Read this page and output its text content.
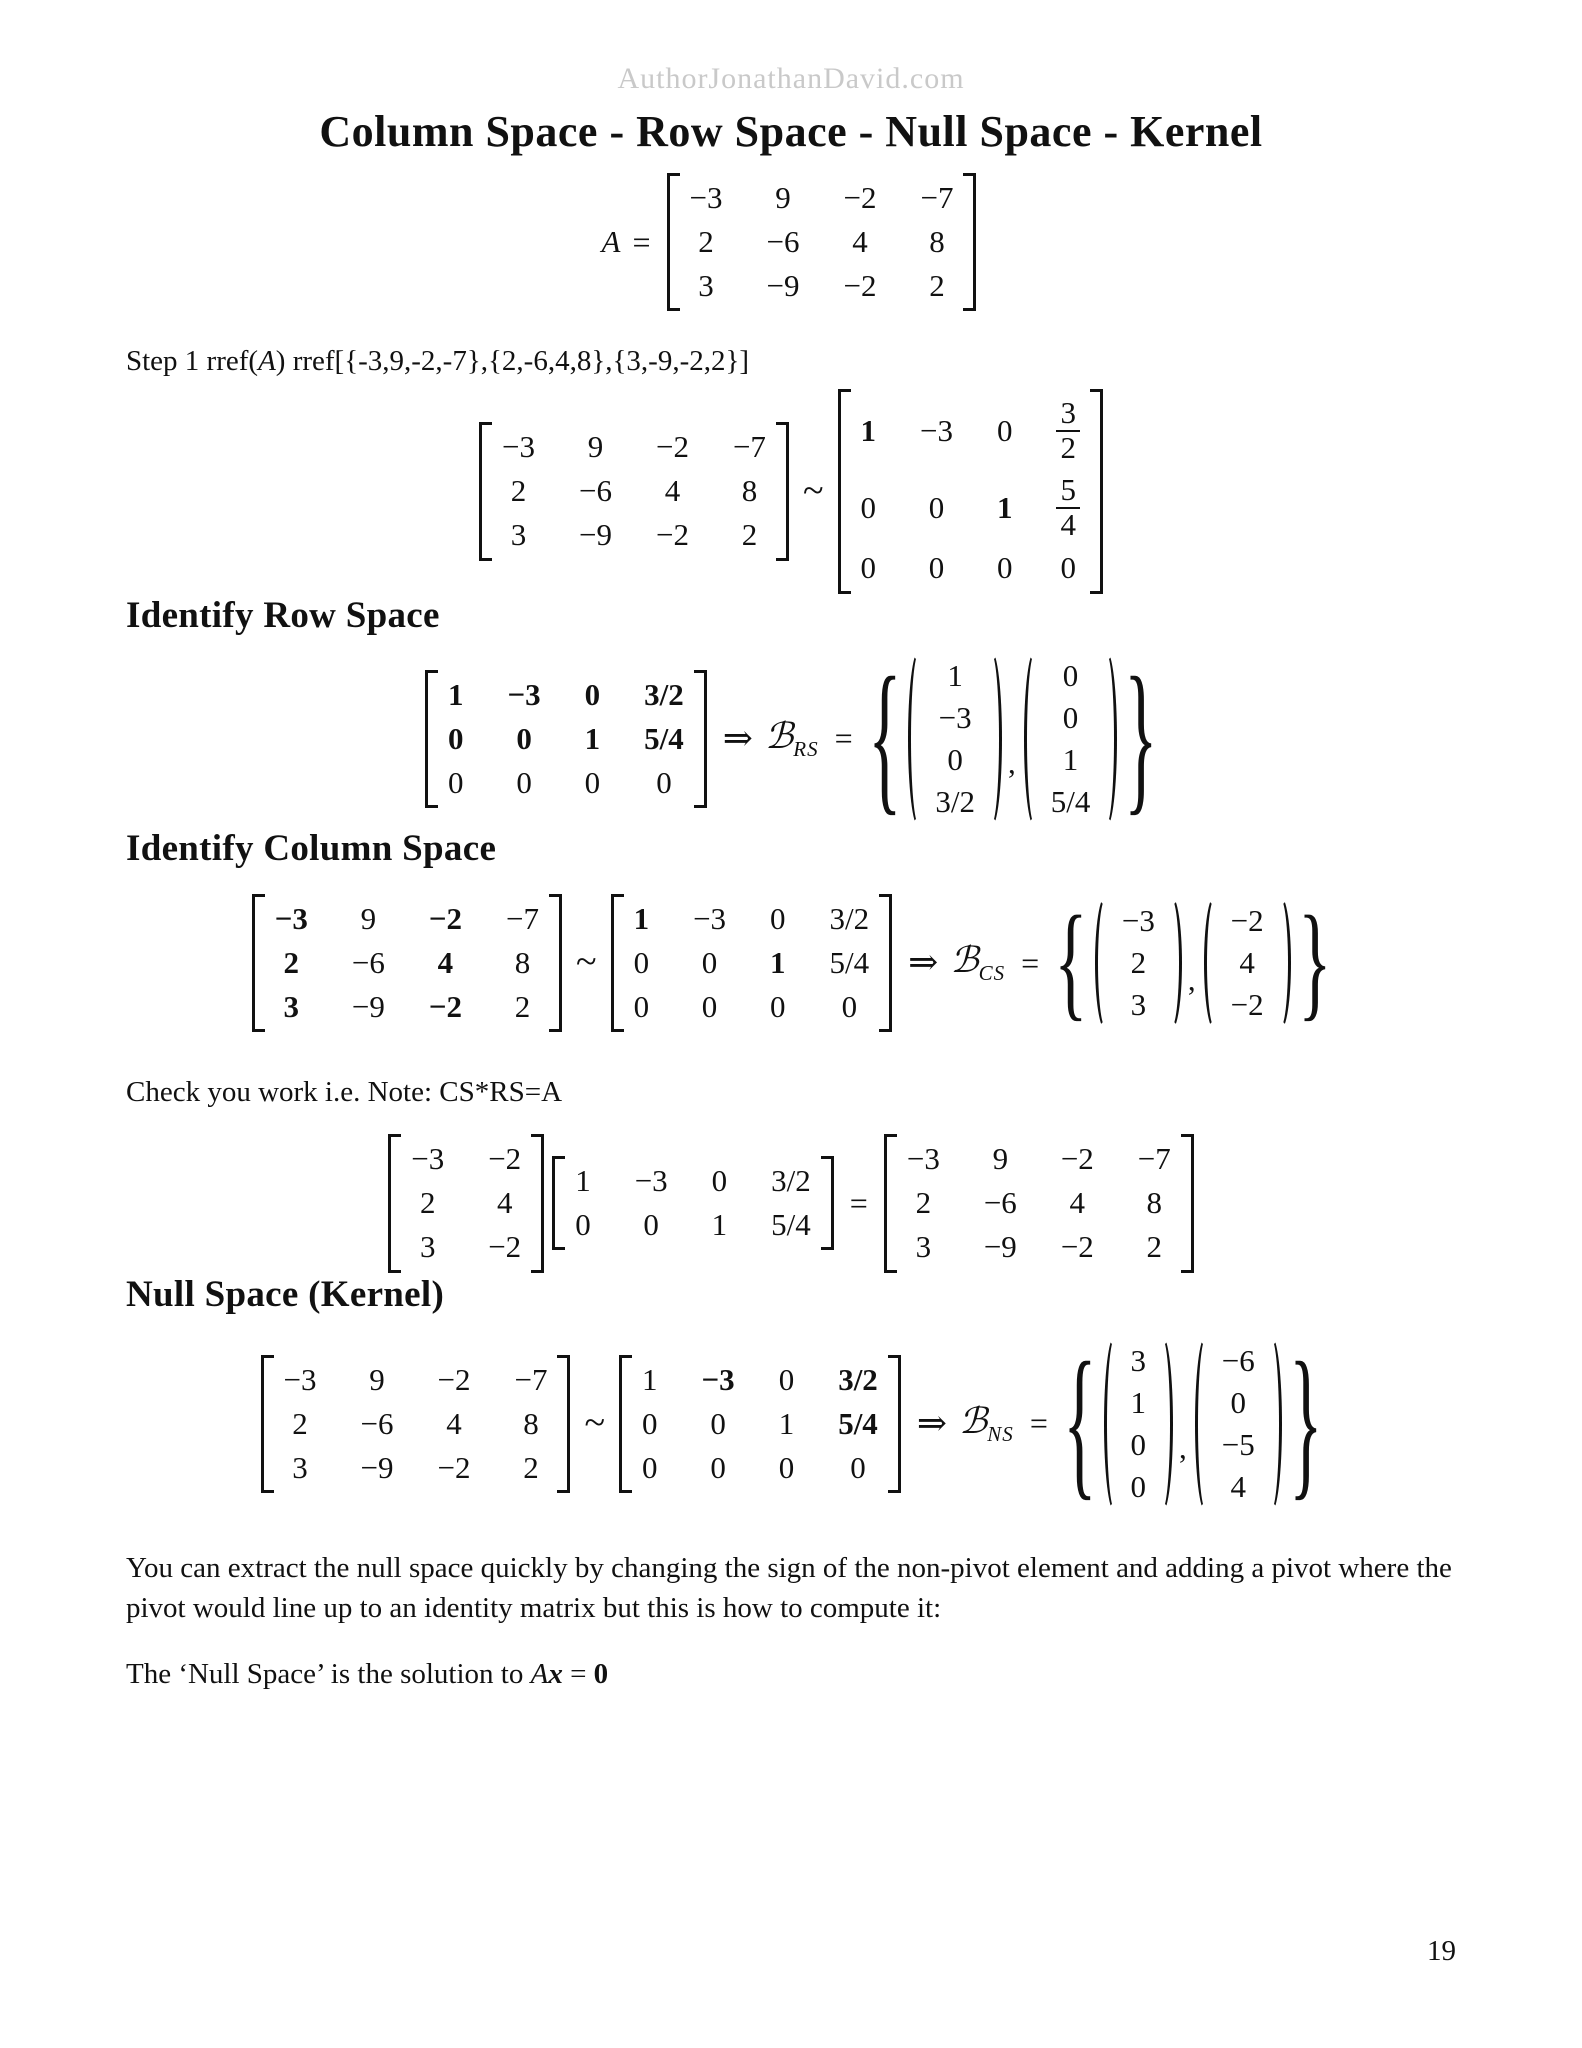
AuthorJonathanDavid.com
Column Space - Row Space - Null Space - Kernel
A =
−3 9 −2 −7
2 −6 4 8
3 −9 −2 2

Step 1 rref(A) rref[{-3,9,-2,-7},{2,-6,4,8},{3,-9,-2,2}]

−3 9 −2 −7
2 −6 4 8
3 −9 −2 2
~
1 −3 0 3
2
0 0 1 5
4
0 0 0 0
Identify Row Space
1 −3 0 3/2
0 0 1 5/4
0 0 0 0
⇒ ℬ$_{RS}$ = { 1
−3
0
3/2
,
0
0
1
5/4 }
Identify Column Space
−3 9 −2 −7
2 −6 4 8
3 −9 −2 2
~
1 −3 0 3/2
0 0 1 5/4
0 0 0 0
⇒ ℬ$_{CS}$ = { −3
2
3
,
−2
4
−2 }

Check you work i.e. Note: CS*RS=A

−3 −2
2 4
3 −2
1 −3 0 3/2
0 0 1 5/4
=
−3 9 −2 −7
2 −6 4 8
3 −9 −2 2
Null Space (Kernel)
−3 9 −2 −7
2 −6 4 8
3 −9 −2 2
~
1 −3 0 3/2
0 0 1 5/4
0 0 0 0
⇒ ℬ$_{NS}$ = { 3
1
0
0
,
−6
0
−5
4 }

You can extract the null space quickly by changing the sign of the non-pivot element and adding a pivot where the pivot would line up to an identity matrix but this is how to compute it:

The ‘Null Space’ is the solution to Ax = 0

19
